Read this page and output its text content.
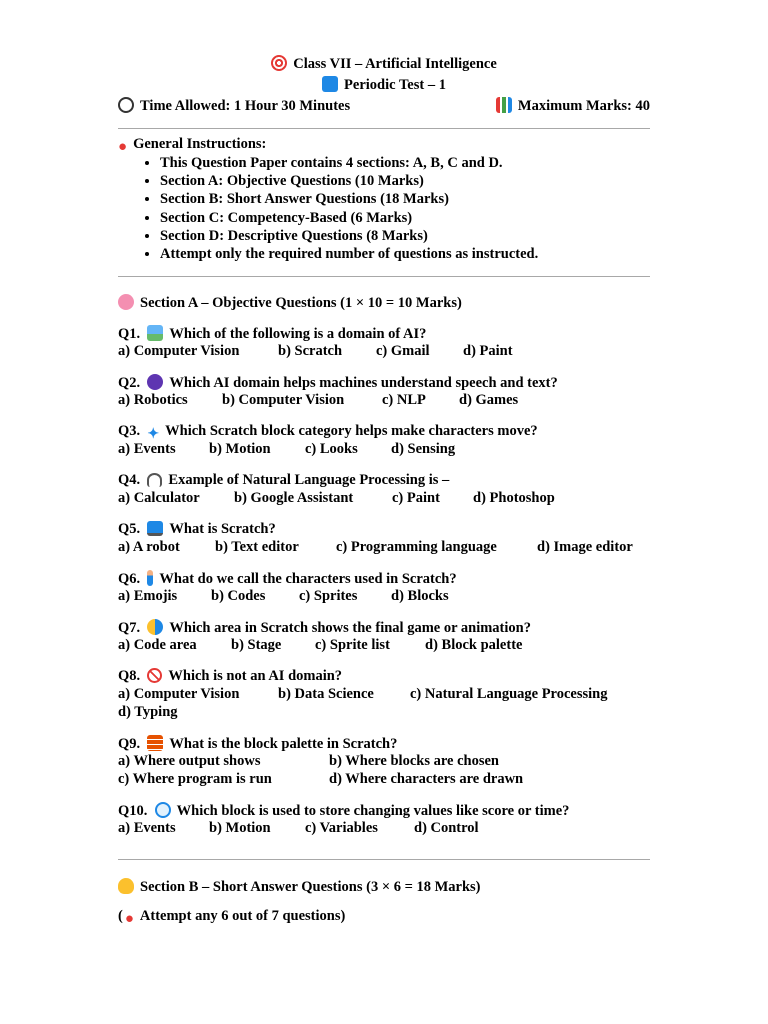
Class VII – Artificial Intelligence
Periodic Test – 1
Time Allowed: 1 Hour 30 Minutes	Maximum Marks: 40
● General Instructions:
• This Question Paper contains 4 sections: A, B, C and D.
• Section A: Objective Questions (10 Marks)
• Section B: Short Answer Questions (18 Marks)
• Section C: Competency-Based (6 Marks)
• Section D: Descriptive Questions (8 Marks)
• Attempt only the required number of questions as instructed.
Section A – Objective Questions (1 × 10 = 10 Marks)
Q1. Which of the following is a domain of AI?
a) Computer Vision	b) Scratch c) Gmail d) Paint
Q2. Which AI domain helps machines understand speech and text?
a) Robotics b) Computer Vision	c) NLP d) Games
Q3. ✦ Which Scratch block category helps make characters move?
a) Events b) Motion c) Looks d) Sensing
Q4. Example of Natural Language Processing is –
a) Calculator b) Google Assistant	c) Paint d) Photoshop
Q5. What is Scratch?
a) A robot b) Text editor	c) Programming language	d) Image editor
Q6. What do we call the characters used in Scratch?
a) Emojis b) Codes c) Sprites d) Blocks
Q7. Which area in Scratch shows the final game or animation?
a) Code area b) Stage c) Sprite list d) Block palette
Q8. Which is not an AI domain?
a) Computer Vision	b) Data Science c) Natural Language Processing
d) Typing
Q9. What is the block palette in Scratch?
a) Where output shows	b) Where blocks are chosen
c) Where program is run	d) Where characters are drawn
Q10. Which block is used to store changing values like score or time?
a) Events b) Motion c) Variables d) Control
Section B – Short Answer Questions (3 × 6 = 18 Marks)
( ● Attempt any 6 out of 7 questions)
